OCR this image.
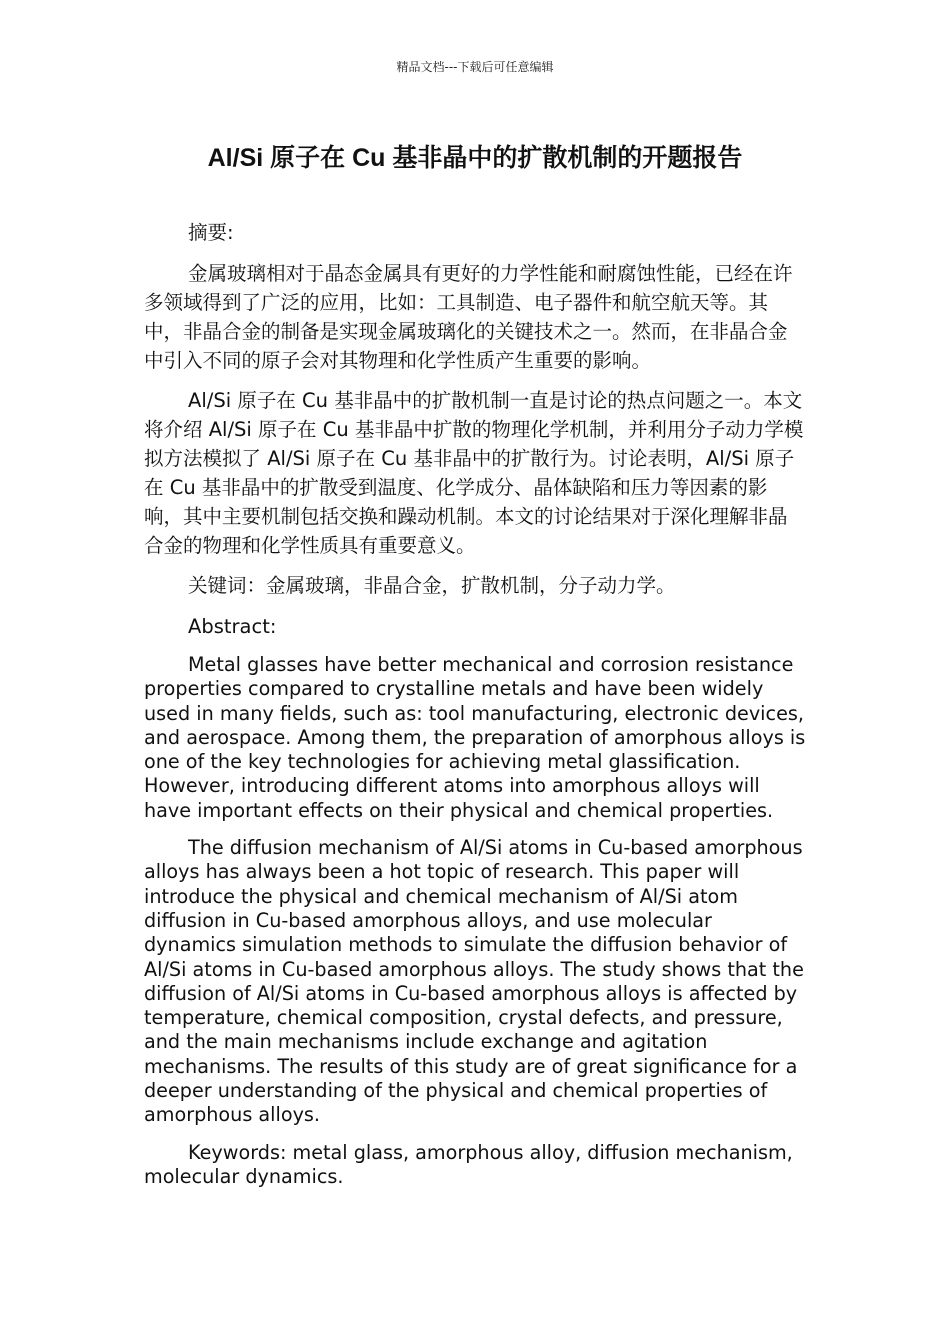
精品文档---下载后可任意编辑
Al/Si 原子在 Cu 基非晶中的扩散机制的开题报告

摘要:

金属玻璃相对于晶态金属具有更好的力学性能和耐腐蚀性能，已经在许多领域得到了广泛的应用，比如：工具制造、电子器件和航空航天等。其中，非晶合金的制备是实现金属玻璃化的关键技术之一。然而，在非晶合金中引入不同的原子会对其物理和化学性质产生重要的影响。

Al/Si 原子在 Cu 基非晶中的扩散机制一直是讨论的热点问题之一。本文将介绍 Al/Si 原子在 Cu 基非晶中扩散的物理化学机制，并利用分子动力学模拟方法模拟了 Al/Si 原子在 Cu 基非晶中的扩散行为。讨论表明，Al/Si 原子在 Cu 基非晶中的扩散受到温度、化学成分、晶体缺陷和压力等因素的影响，其中主要机制包括交换和躁动机制。本文的讨论结果对于深化理解非晶合金的物理和化学性质具有重要意义。

关键词：金属玻璃，非晶合金，扩散机制，分子动力学。

Abstract:

Metal glasses have better mechanical and corrosion resistance properties compared to crystalline metals and have been widely used in many fields, such as: tool manufacturing, electronic devices, and aerospace. Among them, the preparation of amorphous alloys is one of the key technologies for achieving metal glassification. However, introducing different atoms into amorphous alloys will have important effects on their physical and chemical properties.

The diffusion mechanism of Al/Si atoms in Cu-based amorphous alloys has always been a hot topic of research. This paper will introduce the physical and chemical mechanism of Al/Si atom diffusion in Cu-based amorphous alloys, and use molecular dynamics simulation methods to simulate the diffusion behavior of Al/Si atoms in Cu-based amorphous alloys. The study shows that the diffusion of Al/Si atoms in Cu-based amorphous alloys is affected by temperature, chemical composition, crystal defects, and pressure, and the main mechanisms include exchange and agitation mechanisms. The results of this study are of great significance for a deeper understanding of the physical and chemical properties of amorphous alloys.

Keywords: metal glass, amorphous alloy, diffusion mechanism, molecular dynamics.
